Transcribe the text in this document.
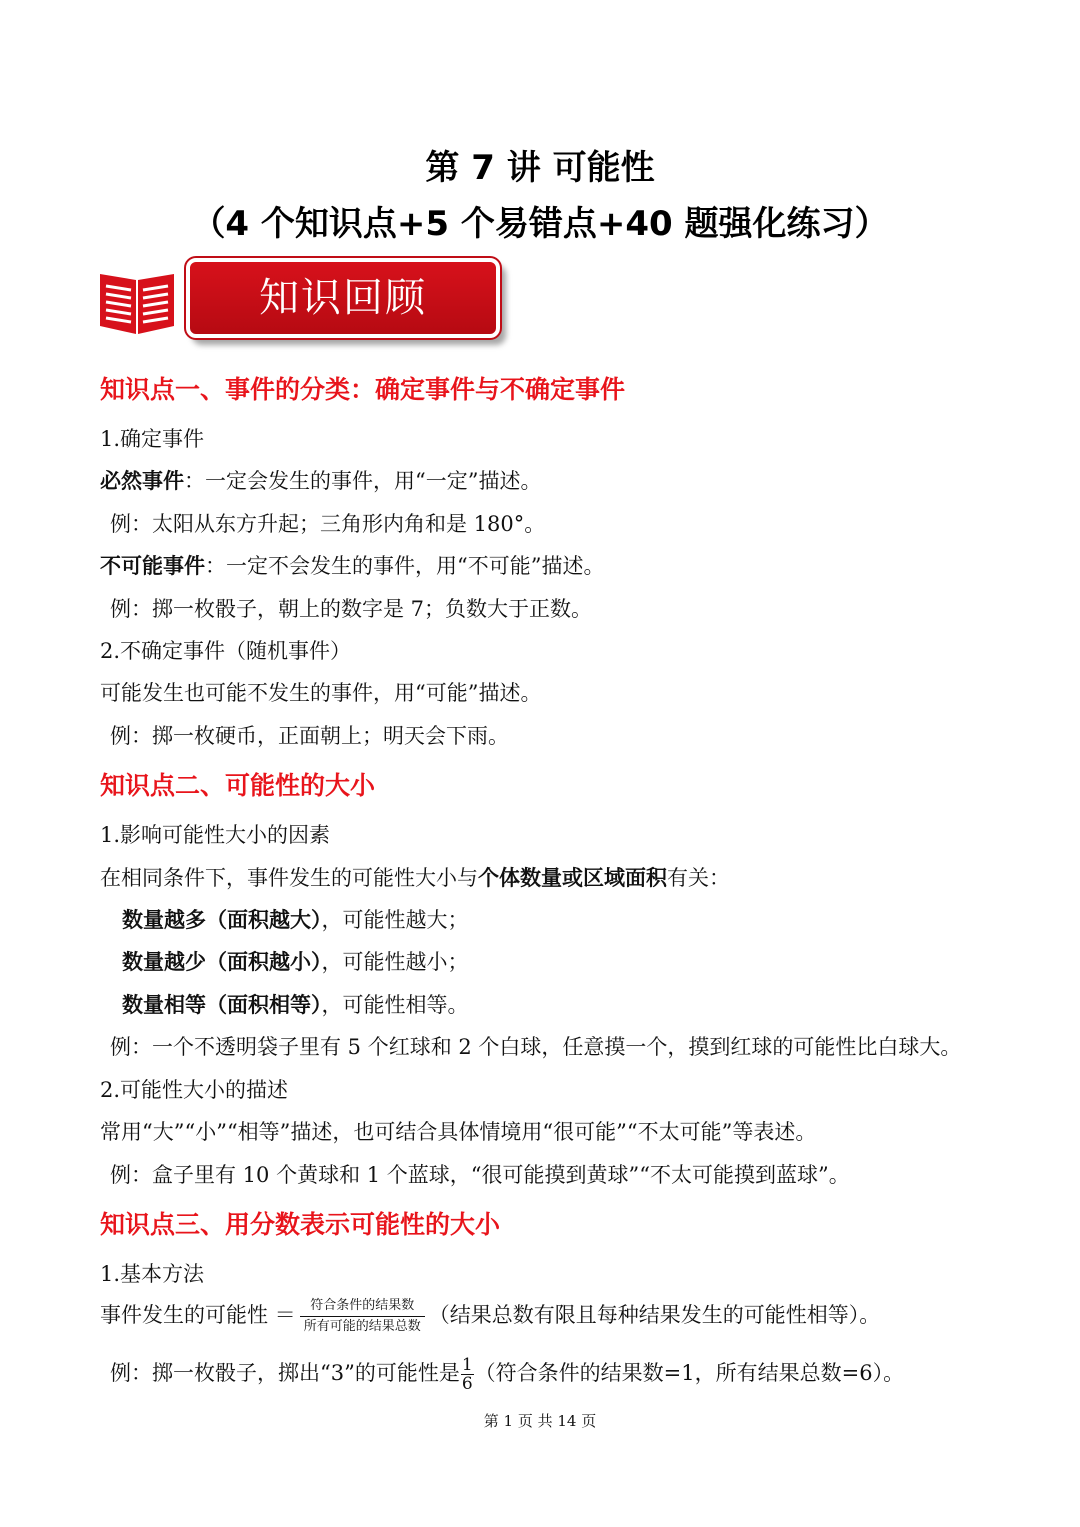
第 7 讲 可能性
（4 个知识点+5 个易错点+40 题强化练习）
知识回顾
知识点一、事件的分类：确定事件与不确定事件
1.确定事件
必然事件：一定会发生的事件，用“一定”描述。
例：太阳从东方升起；三角形内角和是 180°。
不可能事件：一定不会发生的事件，用“不可能”描述。
例：掷一枚骰子，朝上的数字是 7；负数大于正数。
2.不确定事件（随机事件）
可能发生也可能不发生的事件，用“可能”描述。
例：掷一枚硬币，正面朝上；明天会下雨。
知识点二、可能性的大小
1.影响可能性大小的因素
在相同条件下，事件发生的可能性大小与个体数量或区域面积有关：
数量越多（面积越大），可能性越大；
数量越少（面积越小），可能性越小；
数量相等（面积相等），可能性相等。
例：一个不透明袋子里有 5 个红球和 2 个白球，任意摸一个，摸到红球的可能性比白球大。
2.可能性大小的描述
常用“大”“小”“相等”描述，也可结合具体情境用“很可能”“不太可能”等表述。
例：盒子里有 10 个黄球和 1 个蓝球，“很可能摸到黄球”“不太可能摸到蓝球”。
知识点三、用分数表示可能性的大小
1.基本方法
事件发生的可能性 ＝ $\frac{\text{符合条件的结果数}}{\text{所有可能的结果总数}}$ （结果总数有限且每种结果发生的可能性相等）。
例：掷一枚骰子，掷出“3”的可能性是 $\frac{1}{6}$ （符合条件的结果数=1，所有结果总数=6）。
第 1 页 共 14 页
